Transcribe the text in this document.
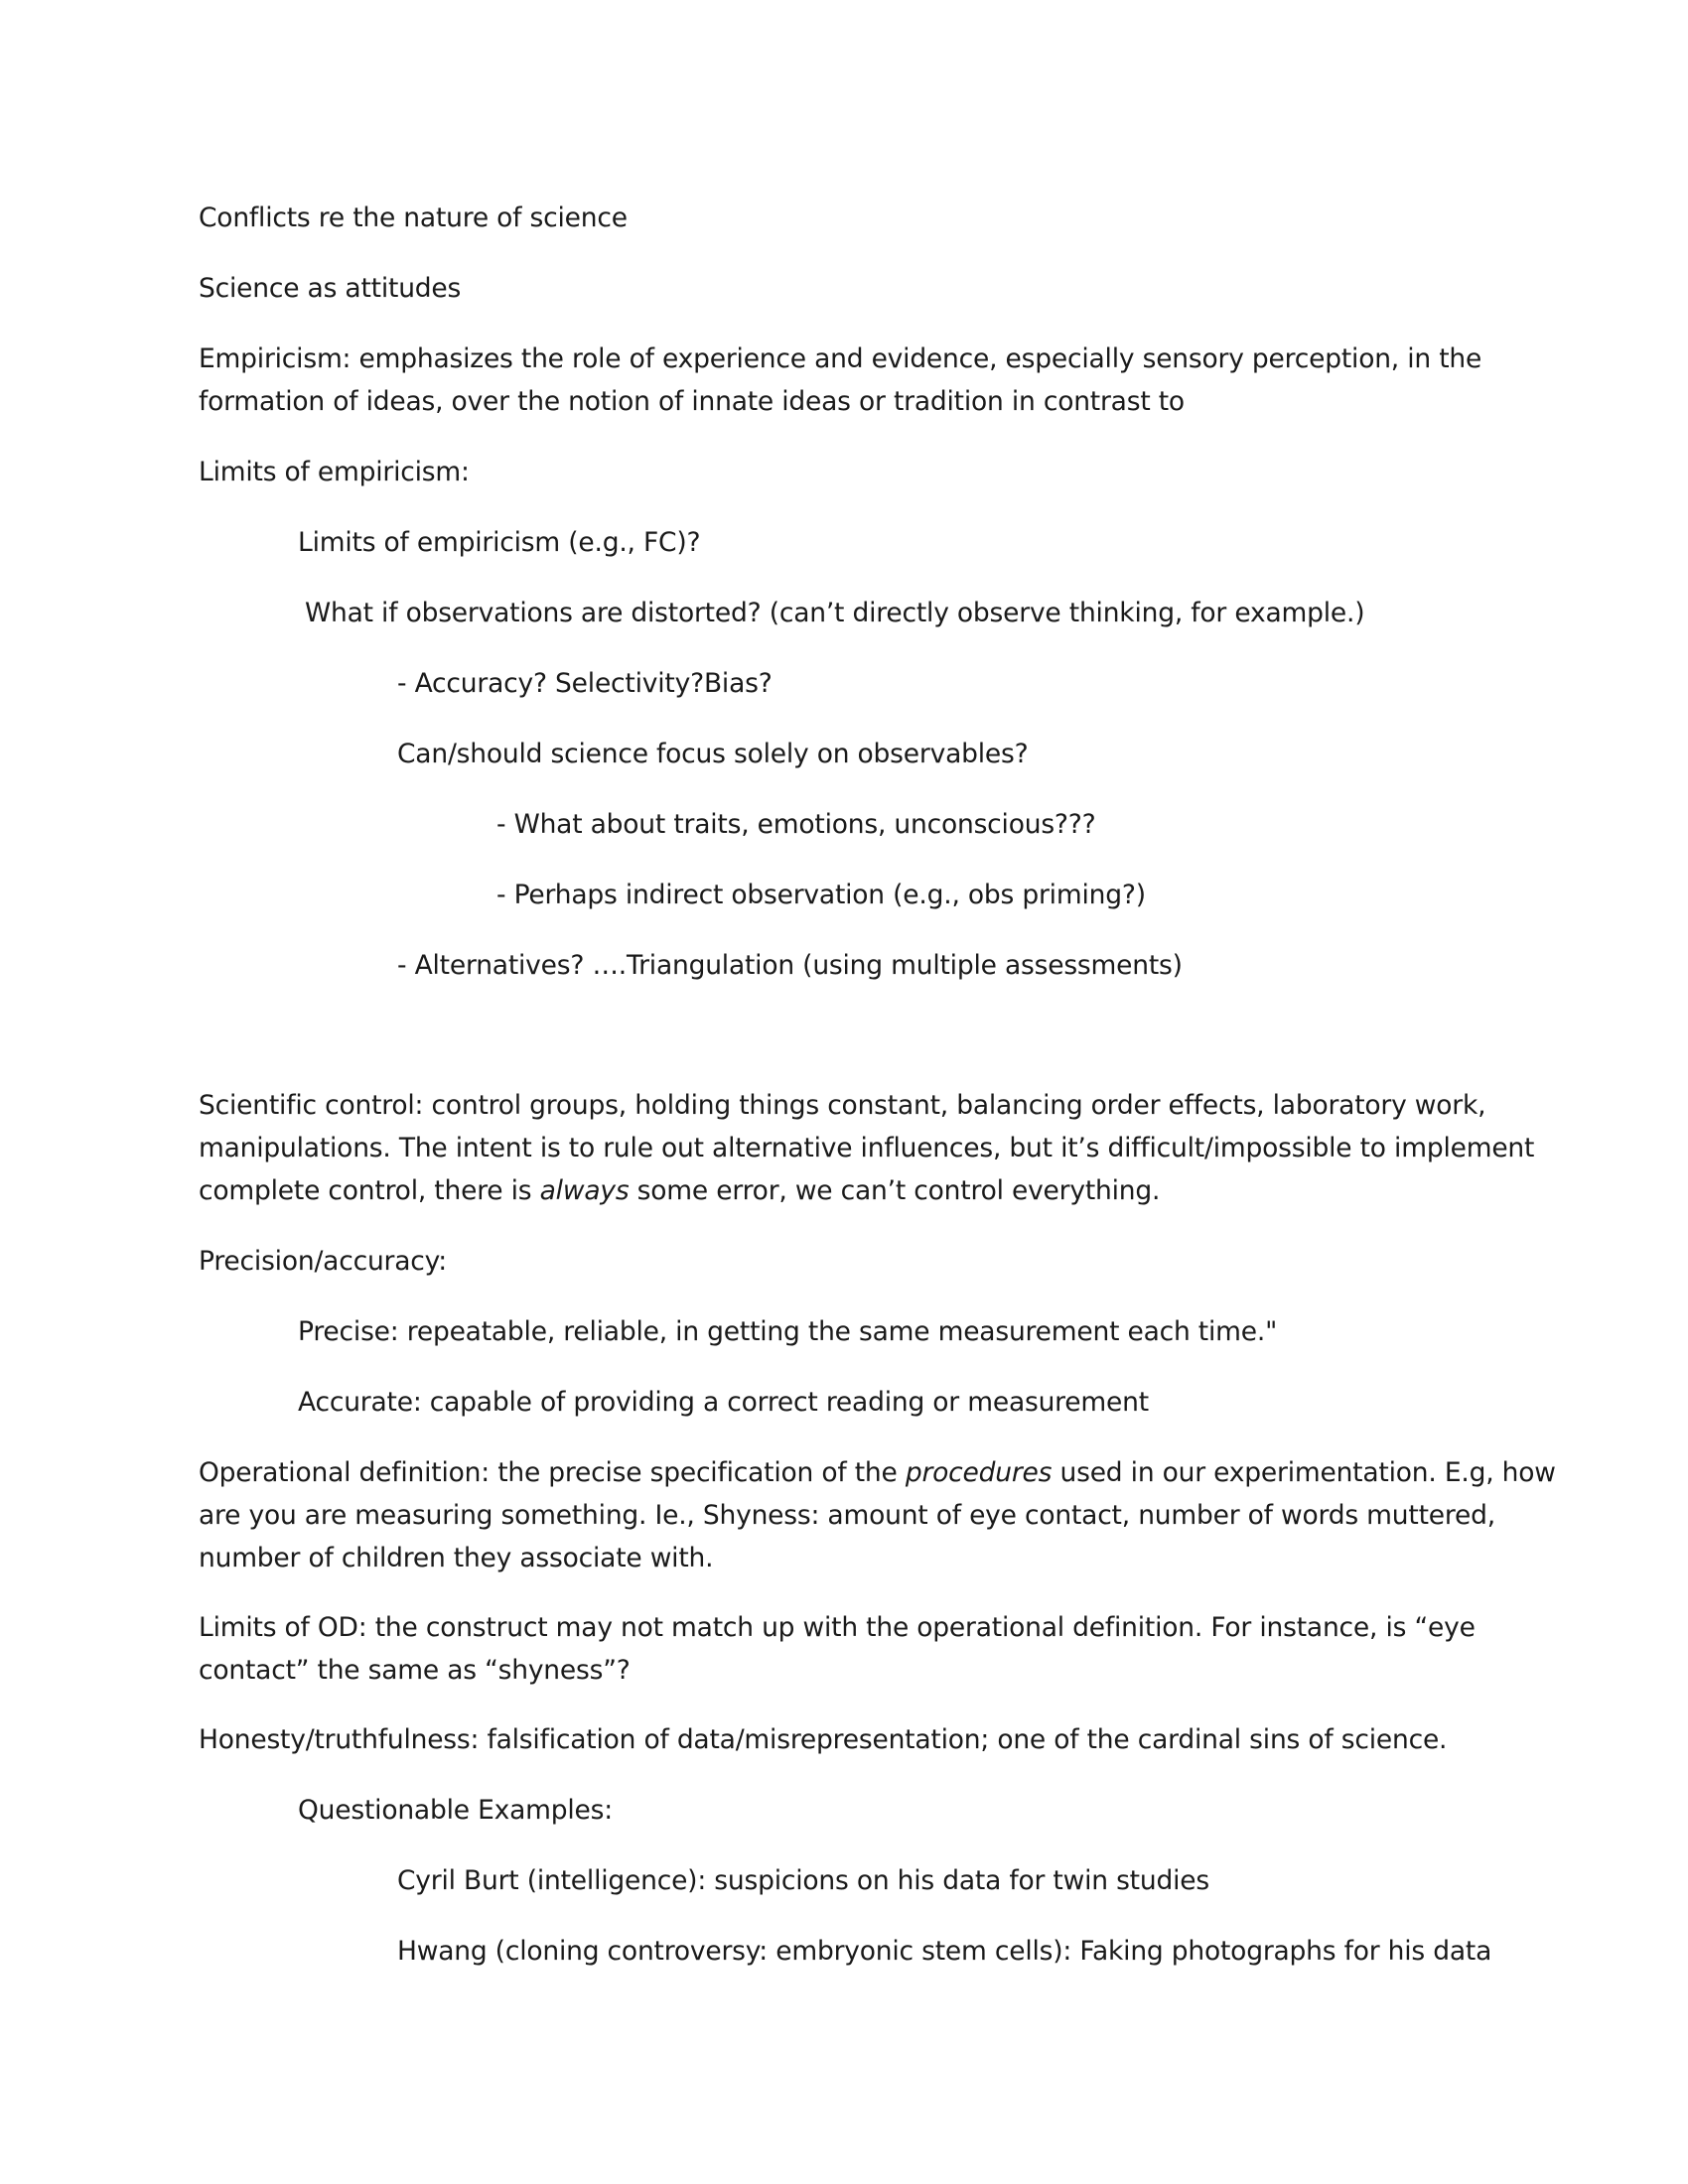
Conflicts re the nature of science
Science as attitudes
Empiricism: emphasizes the role of experience and evidence, especially sensory perception, in the
formation of ideas, over the notion of innate ideas or tradition in contrast to
Limits of empiricism:
Limits of empiricism (e.g., FC)?
What if observations are distorted? (can’t directly observe thinking, for example.)
- Accuracy? Selectivity?Bias?
Can/should science focus solely on observables?
- What about traits, emotions, unconscious???
- Perhaps indirect observation (e.g., obs priming?)
- Alternatives? ….Triangulation (using multiple assessments)
Scientific control: control groups, holding things constant, balancing order effects, laboratory work,
manipulations. The intent is to rule out alternative influences, but it’s difficult/impossible to implement
complete control, there is always some error, we can’t control everything.
Precision/accuracy:
Precise: repeatable, reliable, in getting the same measurement each time."
Accurate: capable of providing a correct reading or measurement
Operational definition: the precise specification of the procedures used in our experimentation. E.g, how
are you are measuring something. Ie., Shyness: amount of eye contact, number of words muttered,
number of children they associate with.
Limits of OD: the construct may not match up with the operational definition. For instance, is “eye
contact” the same as “shyness”?
Honesty/truthfulness: falsification of data/misrepresentation; one of the cardinal sins of science.
Questionable Examples:
Cyril Burt (intelligence): suspicions on his data for twin studies
Hwang (cloning controversy: embryonic stem cells): Faking photographs for his data
